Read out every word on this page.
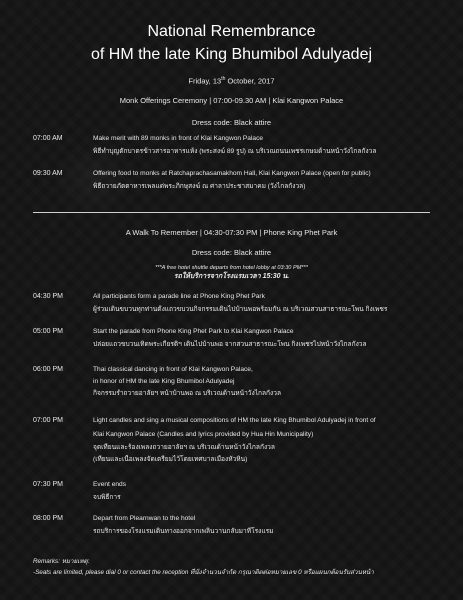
National Remembrance
of HM the late King Bhumibol Adulyadej
Friday, 13th October, 2017
Monk Offerings Ceremony | 07:00-09.30 AM | Klai Kangwon Palace
Dress code: Black attire
07:00 AM	Make merit with 89 monks in front of Klai Kangwon Palace
พิธีทำบุญตักบาตรข้าวสารอาหารแห้ง (พระสงฆ์ 89 รูป) ณ บริเวณถนนเพชรเกษมด้านหน้าวังไกลกังวล
09:30 AM	Offering food to monks at Ratchaprachasamakhom Hall, Klai Kangwon Palace (open for public)
พิธีถวายภัตตาหารเพลแด่พระภิกษุสงฆ์ ณ ศาลาประชาสมาคม (วังไกลกังวล)
A Walk To Remember | 04:30-07:30 PM | Phone King Phet Park
Dress code: Black attire
***A free hotel shuttle departs from hotel lobby at 03:30 PM***
รถให้บริการจากโรงแรมเวลา 15:30 น.
04:30 PM	All participants form a parade line at Phone King Phet Park
ผู้ร่วมเดินขบวนทุกท่านตั้งแถวขบวนกิจกรรมเดินไปบ้านพอพร้อมกัน ณ บริเวณสวนสาธารณะโพน กิ่งเพชร
05:00 PM	Start the parade from Phone King Phet Park to Klai Kangwon Palace
ปล่อยแถวขบวนเทิดพระเกียรติฯ เดินไปบ้านพอ จากสวนสาธารณะโพน กิ่งเพชรไปหน้าวังไกลกังวล
06:00 PM	Thai classical dancing in front of Klai Kangwon Palace,
in honor of HM the late King Bhumibol Adulyadej
กิจกรรมรำถวายอาลัยฯ หน้าบ้านพอ ณ บริเวณด้านหน้าวังไกลกังวล
07:00 PM	Light candles and sing a musical compositions of HM the late King Bhumibol Adulyadej in front of
Klai Kangwon Palace (Candles and lyrics provided by Hua Hin Municipality)
จุดเทียนและร้องเพลงถวายอาลัยฯ ณ บริเวณด้านหน้าวังไกลกังวล
(เทียนและเนื้อเพลงจัดเตรียมไว้โดยเทศบาลเมืองหัวหิน)
07:30 PM	Event ends
จบพิธีการ
08:00 PM	Depart from Plearnwan to the hotel
รถบริการของโรงแรมเดินทางออกจากเพลินวานกลับมาที่โรงแรม
Remarks: หมายเหตุ:
-Seats are limited, please dial 0 or contact the reception ที่นั่งจำนวนจำกัด กรุณาติดต่อหมายเลข 0 หรือแผนกต้อนรับส่วนหน้า
